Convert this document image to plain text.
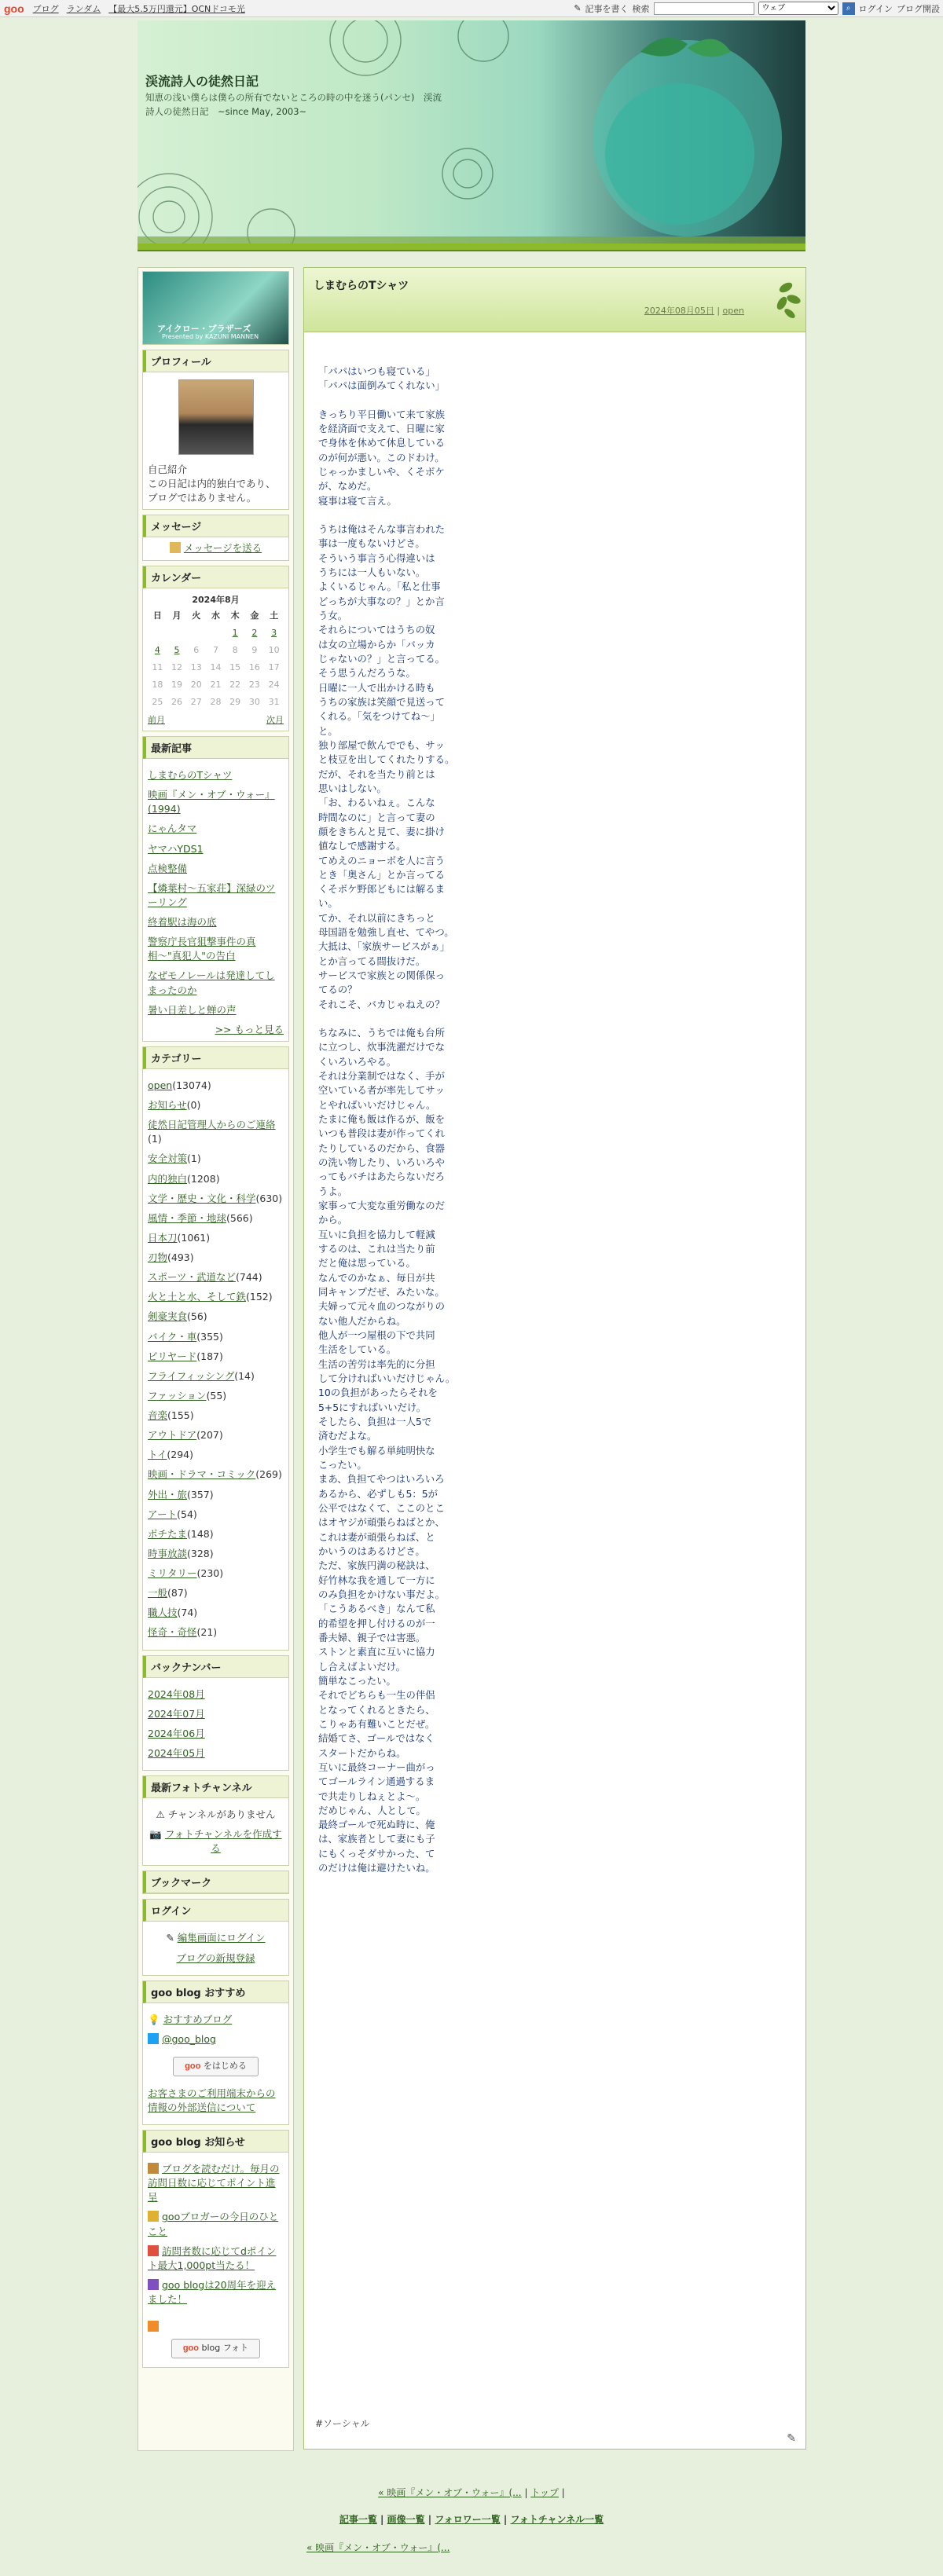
goo ブログ ランダム 【最大5.5万円還元】OCNドコモ光	✎ 記事を書く 検索
ウェブ	⌕ ログイン ブログ開設
渓流詩人の徒然日記
知恵の浅い僕らは僕らの所有でないところの時の中を迷う(パンセ)　渓流詩人の徒然日記　~since May, 2003~
アイクロー・ブラザーズ
Presented by KAZUNI MANNEN
プロフィール
自己紹介
この日記は内的独白であり、ブログではありません。
メッセージ
メッセージを送る
カレンダー
2024年8月
日	月	火	水	木	金	土
				1	2	3
4	5	6	7	8	9	10
11	12	13	14	15	16	17
18	19	20	21	22	23	24
25	26	27	28	29	30	31
前月	次月
最新記事
しまむらのTシャツ
映画『メン・オブ・ウォー』(1994)
にゃんタマ
ヤマハYDS1
点検整備
【燐葉村〜五家荘】深緑のツーリング
終着駅は海の底
警察庁長官狙撃事件の真相〜"真犯人"の告白
なぜモノレールは発達してしまったのか
暑い日差しと蝉の声
>> もっと見る
カテゴリー
open(13074)
お知らせ(0)
徒然日記管理人からのご連絡(1)
安全対策(1)
内的独白(1208)
文学・歴史・文化・科学(630)
風情・季節・地球(566)
日本刀(1061)
刃物(493)
スポーツ・武道など(744)
火と土と水、そして鉄(152)
剣豪実食(56)
バイク・車(355)
ビリヤード(187)
フライフィッシング(14)
ファッション(55)
音楽(155)
アウトドア(207)
トイ(294)
映画・ドラマ・コミック(269)
外出・旅(357)
アート(54)
ポチたま(148)
時事放談(328)
ミリタリー(230)
一般(87)
職人技(74)
怪奇・奇怪(21)
バックナンバー
2024年08月
2024年07月
2024年06月
2024年05月
最新フォトチャンネル
⚠ チャンネルがありません
📷 フォトチャンネルを作成する
ブックマーク
ログイン
✎ 編集画面にログイン
ブログの新規登録
goo blog おすすめ
💡 おすすめブログ
@goo_blog
goo をはじめる
お客さまのご利用端末からの情報の外部送信について
goo blog お知らせ
ブログを読むだけ。毎月の訪問日数に応じてポイント進呈
gooブロガーの今日のひとこと
訪問者数に応じてdポイント最大1,000pt当たる！
goo blogは20周年を迎えました！
goo blog フォト
しまむらのTシャツ
2024年08月05日 | open

「パパはいつも寝ている」
「パパは面倒みてくれない」

きっちり平日働いて来て家族
を経済面で支えて、日曜に家
で身体を休めて休息している
のが何が悪い。このドわけ。
じゃっかましいや、くそボケ
が、なめだ。
寝事は寝て言え。

うちは俺はそんな事言われた
事は一度もないけどさ。
そういう事言う心得違いは
うちには一人もいない。
よくいるじゃん。「私と仕事
どっちが大事なの？」とか言
う女。
それらについてはうちの奴
は女の立場からか「バッカ
じゃないの？」と言ってる。
そう思うんだろうな。
日曜に一人で出かける時も
うちの家族は笑顔で見送って
くれる。「気をつけてね〜」
と。
独り部屋で飲んででも、サッ
と枝豆を出してくれたりする。
だが、それを当たり前とは
思いはしない。
「お、わるいねぇ。こんな
時間なのに」と言って妻の
顔をきちんと見て、妻に掛け
値なしで感謝する。
てめえのニョーボを人に言う
とき「奥さん」とか言ってる
くそボケ野郎どもには解るま
い。
てか、それ以前にきちっと
母国語を勉強し直せ、てやつ。
大抵は、「家族サービスがぁ」
とか言ってる間抜けだ。
サービスで家族との関係保っ
てるの？
それこそ、バカじゃねえの？

ちなみに、うちでは俺も台所
に立つし、炊事洗濯だけでな
くいろいろやる。
それは分業制ではなく、手が
空いている者が率先してサッ
とやればいいだけじゃん。
たまに俺も飯は作るが、飯を
いつも普段は妻が作ってくれ
たりしているのだから、食器
の洗い物したり、いろいろや
ってもバチはあたらないだろ
うよ。
家事って大変な重労働なのだ
から。
互いに負担を協力して軽減
するのは、これは当たり前
だと俺は思っている。
なんでのかなぁ、毎日が共
同キャンプだぜ、みたいな。
夫婦って元々血のつながりの
ない他人だからね。
他人が一つ屋根の下で共同
生活をしている。
生活の苦労は率先的に分担
して分ければいいだけじゃん。
10の負担があったらそれを
5+5にすればいいだけ。
そしたら、負担は一人5で
済むだよな。
小学生でも解る単純明快な
こったい。
まあ、負担てやつはいろいろ
あるから、必ずしも5：5が
公平ではなくて、ここのとこ
はオヤジが頑張らねばとか、
これは妻が頑張らねば、と
かいうのはあるけどさ。
ただ、家族円満の秘訣は、
好竹林な我を通して一方に
のみ負担をかけない事だよ。
「こうあるべき」なんて私
的希望を押し付けるのが一
番夫婦、親子では害悪。
ストンと素直に互いに協力
し合えばよいだけ。
簡単なこったい。
それでどちらも一生の伴侶
となってくれるときたら、
こりゃあ有難いことだぜ。
結婚てさ、ゴールではなく
スタートだからね。
互いに最終コーナー曲がっ
てゴールライン通過するま
で共走りしねぇとよ〜。
だめじゃん、人として。
最終ゴールで死ぬ時に、俺
は、家族者として妻にも子
にもくっそダサかった、て
のだけは俺は避けたいね。

#ソーシャル
✎
« 映画『メン・オブ・ウォー』(... | トップ |
記事一覧 | 画像一覧 | フォロワー一覧 | フォトチャンネル一覧
« 映画『メン・オブ・ウォー』(...
